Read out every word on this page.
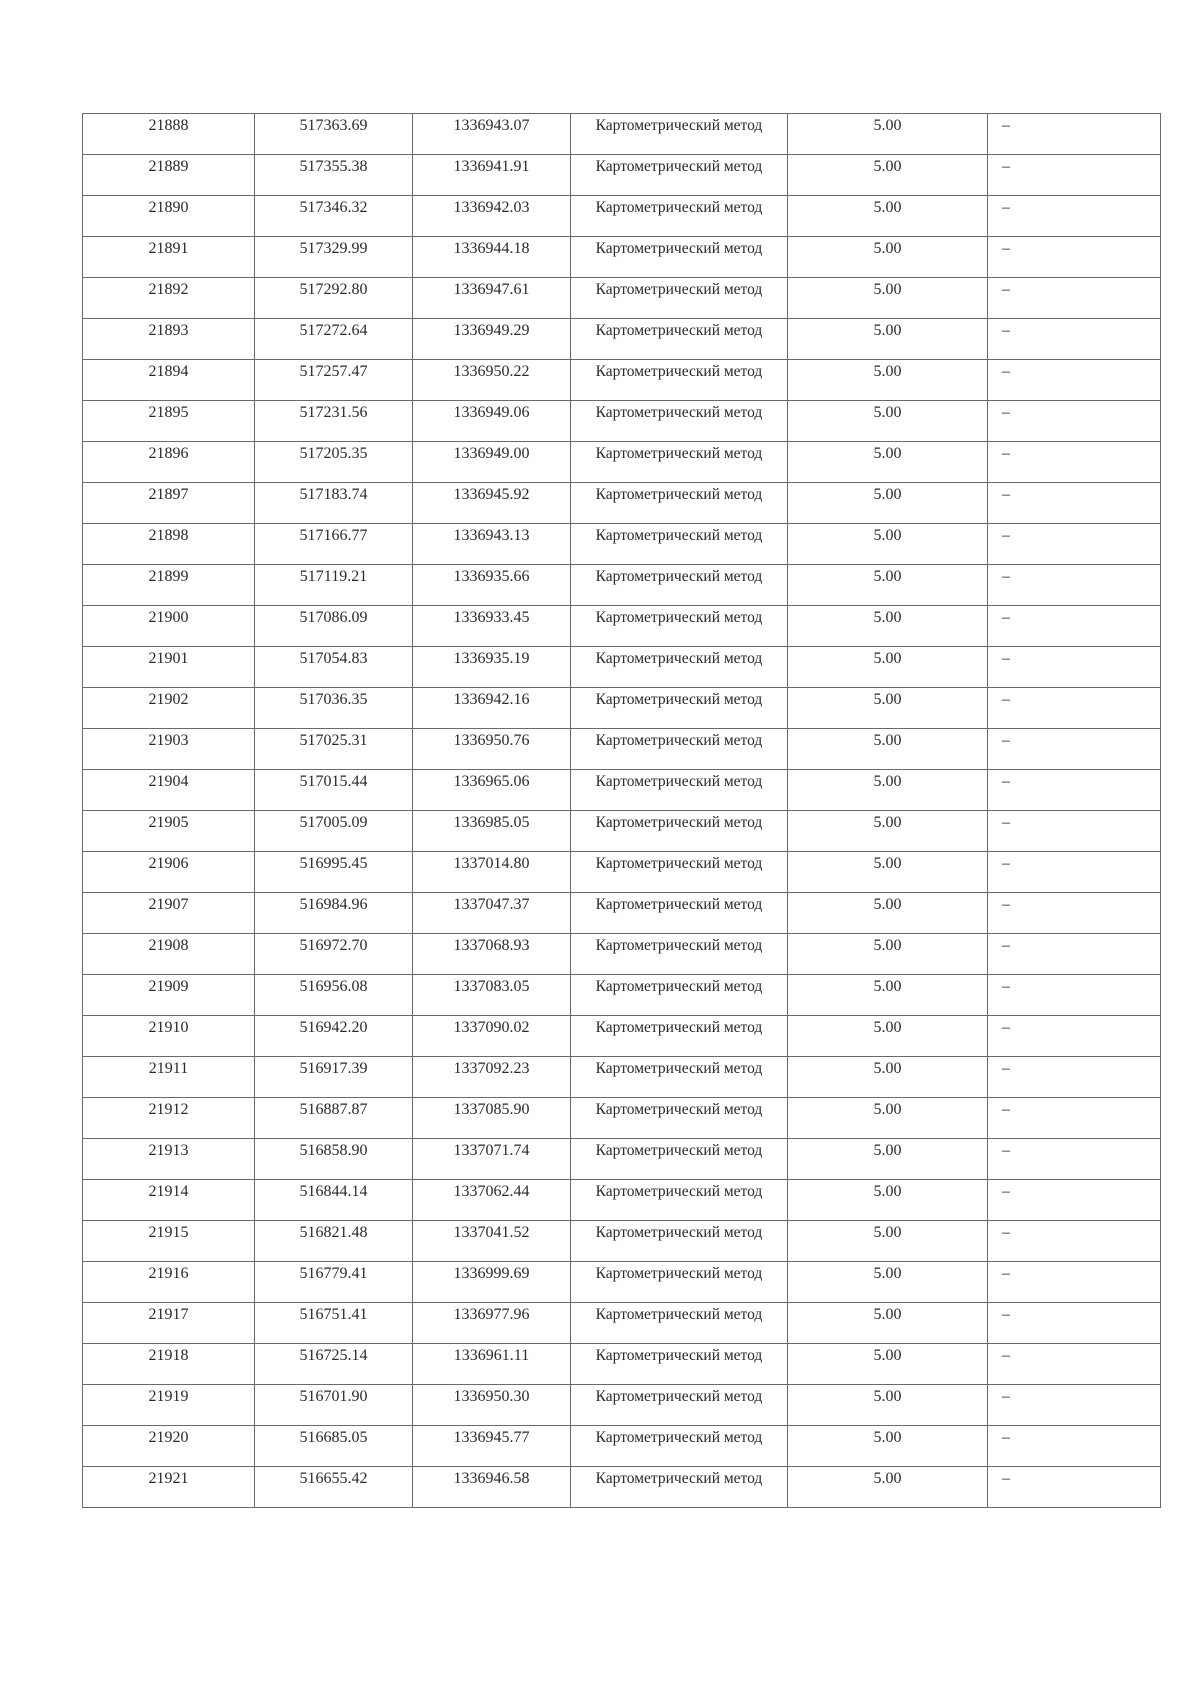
21888	517363.69	1336943.07	Картометрический метод	5.00	–
21889	517355.38	1336941.91	Картометрический метод	5.00	–
21890	517346.32	1336942.03	Картометрический метод	5.00	–
21891	517329.99	1336944.18	Картометрический метод	5.00	–
21892	517292.80	1336947.61	Картометрический метод	5.00	–
21893	517272.64	1336949.29	Картометрический метод	5.00	–
21894	517257.47	1336950.22	Картометрический метод	5.00	–
21895	517231.56	1336949.06	Картометрический метод	5.00	–
21896	517205.35	1336949.00	Картометрический метод	5.00	–
21897	517183.74	1336945.92	Картометрический метод	5.00	–
21898	517166.77	1336943.13	Картометрический метод	5.00	–
21899	517119.21	1336935.66	Картометрический метод	5.00	–
21900	517086.09	1336933.45	Картометрический метод	5.00	–
21901	517054.83	1336935.19	Картометрический метод	5.00	–
21902	517036.35	1336942.16	Картометрический метод	5.00	–
21903	517025.31	1336950.76	Картометрический метод	5.00	–
21904	517015.44	1336965.06	Картометрический метод	5.00	–
21905	517005.09	1336985.05	Картометрический метод	5.00	–
21906	516995.45	1337014.80	Картометрический метод	5.00	–
21907	516984.96	1337047.37	Картометрический метод	5.00	–
21908	516972.70	1337068.93	Картометрический метод	5.00	–
21909	516956.08	1337083.05	Картометрический метод	5.00	–
21910	516942.20	1337090.02	Картометрический метод	5.00	–
21911	516917.39	1337092.23	Картометрический метод	5.00	–
21912	516887.87	1337085.90	Картометрический метод	5.00	–
21913	516858.90	1337071.74	Картометрический метод	5.00	–
21914	516844.14	1337062.44	Картометрический метод	5.00	–
21915	516821.48	1337041.52	Картометрический метод	5.00	–
21916	516779.41	1336999.69	Картометрический метод	5.00	–
21917	516751.41	1336977.96	Картометрический метод	5.00	–
21918	516725.14	1336961.11	Картометрический метод	5.00	–
21919	516701.90	1336950.30	Картометрический метод	5.00	–
21920	516685.05	1336945.77	Картометрический метод	5.00	–
21921	516655.42	1336946.58	Картометрический метод	5.00	–
